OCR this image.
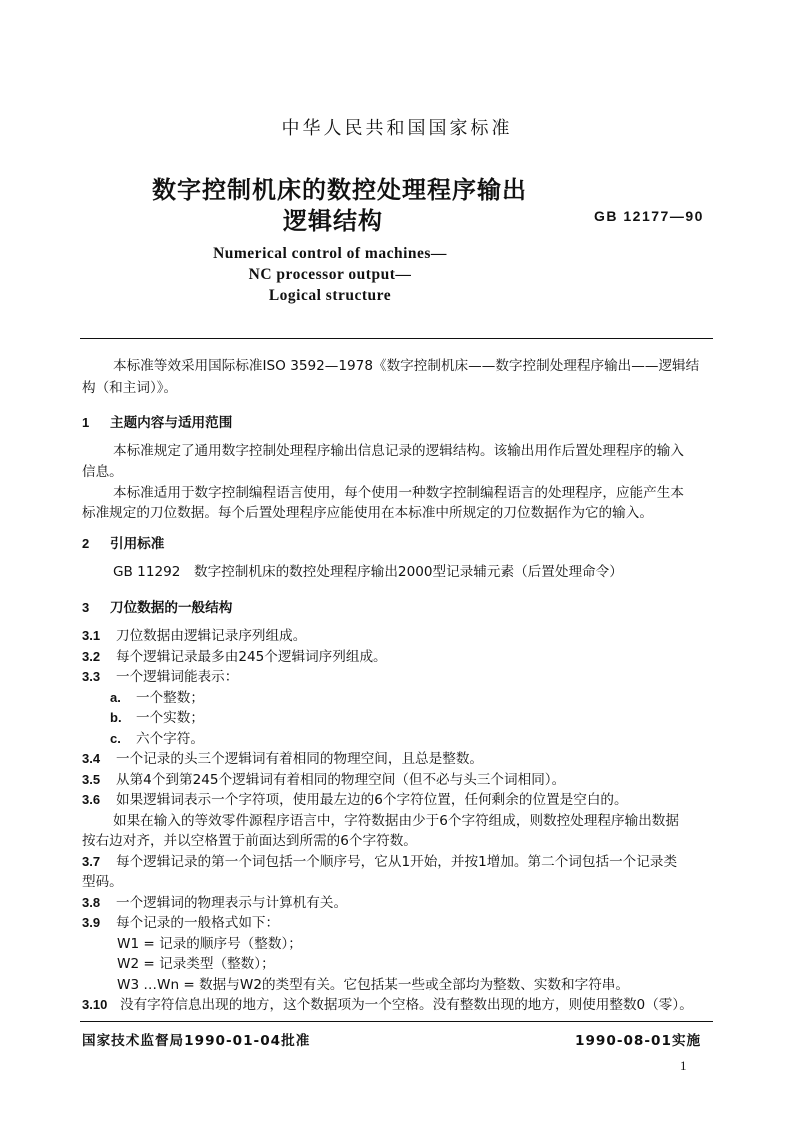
中华人民共和国国家标准
数字控制机床的数控处理程序输出
逻辑结构	GB 12177—90
Numerical control of machines—
NC processor output—
Logical structure
本标准等效采用国际标准ISO 3592—1978《数字控制机床——数字控制处理程序输出——逻辑结
构（和主词）》。
1 主题内容与适用范围
本标准规定了通用数字控制处理程序输出信息记录的逻辑结构。该输出用作后置处理程序的输入
信息。
本标准适用于数字控制编程语言使用，每个使用一种数字控制编程语言的处理程序，应能产生本
标准规定的刀位数据。每个后置处理程序应能使用在本标准中所规定的刀位数据作为它的输入。
2 引用标准
GB 11292　数字控制机床的数控处理程序输出2000型记录辅元素（后置处理命令）
3 刀位数据的一般结构
3.1 刀位数据由逻辑记录序列组成。
3.2 每个逻辑记录最多由245个逻辑词序列组成。
3.3 一个逻辑词能表示：
a. 一个整数；
b. 一个实数；
c. 六个字符。
3.4 一个记录的头三个逻辑词有着相同的物理空间，且总是整数。
3.5 从第4个到第245个逻辑词有着相同的物理空间（但不必与头三个词相同）。
3.6 如果逻辑词表示一个字符项，使用最左边的6个字符位置，任何剩余的位置是空白的。
如果在输入的等效零件源程序语言中，字符数据由少于6个字符组成，则数控处理程序输出数据
按右边对齐，并以空格置于前面达到所需的6个字符数。
3.7 每个逻辑记录的第一个词包括一个顺序号，它从1开始，并按1增加。第二个词包括一个记录类
型码。
3.8 一个逻辑词的物理表示与计算机有关。
3.9 每个记录的一般格式如下：
W1 = 记录的顺序号（整数）；
W2 = 记录类型（整数）；
W3 …Wn = 数据与W2的类型有关。它包括某一些或全部均为整数、实数和字符串。
3.10 没有字符信息出现的地方，这个数据项为一个空格。没有整数出现的地方，则使用整数0（零）。
国家技术监督局1990-01-04批准	1990-08-01实施
1
